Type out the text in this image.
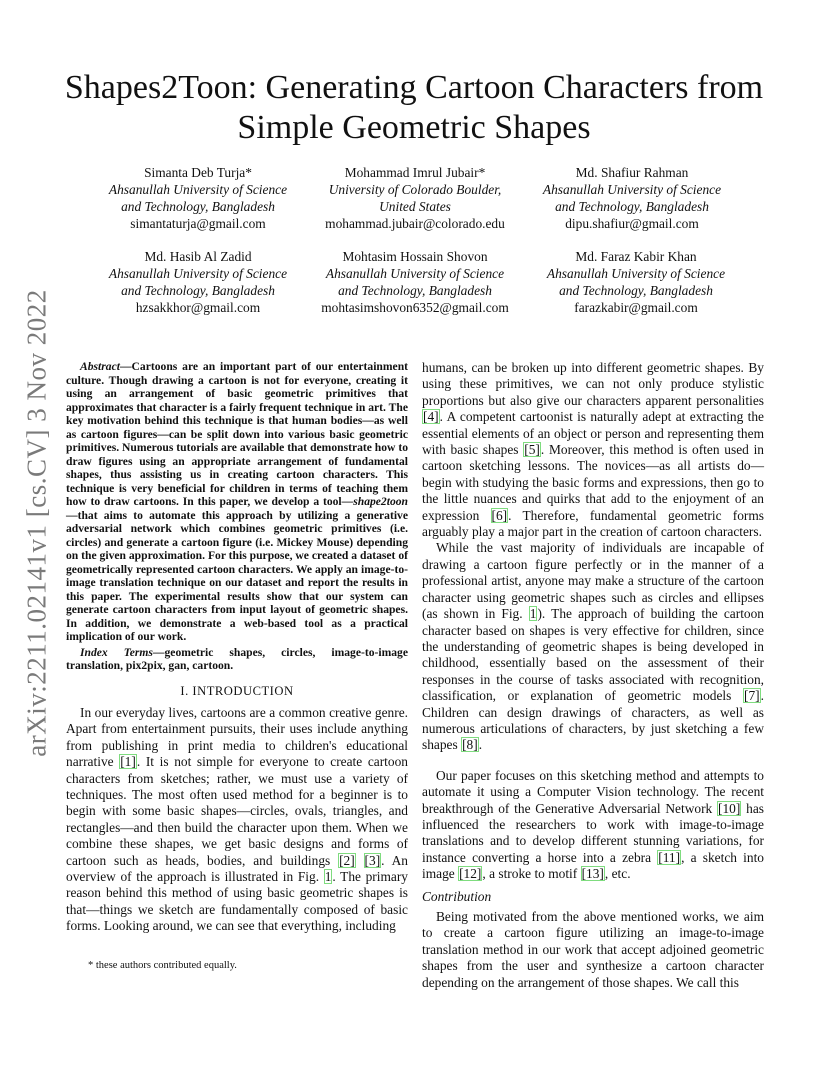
arXiv:2211.02141v1 [cs.CV] 3 Nov 2022
Shapes2Toon: Generating Cartoon Characters from Simple Geometric Shapes
Simanta Deb Turja*
Ahsanullah University of Science
and Technology, Bangladesh
simantaturja@gmail.com
Mohammad Imrul Jubair*
University of Colorado Boulder,
United States
mohammad.jubair@colorado.edu
Md. Shafiur Rahman
Ahsanullah University of Science
and Technology, Bangladesh
dipu.shafiur@gmail.com
Md. Hasib Al Zadid
Ahsanullah University of Science
and Technology, Bangladesh
hzsakkhor@gmail.com
Mohtasim Hossain Shovon
Ahsanullah University of Science
and Technology, Bangladesh
mohtasimshovon6352@gmail.com
Md. Faraz Kabir Khan
Ahsanullah University of Science
and Technology, Bangladesh
farazkabir@gmail.com

Abstract—Cartoons are an important part of our entertainment culture. Though drawing a cartoon is not for everyone, creating it using an arrangement of basic geometric primitives that approximates that character is a fairly frequent technique in art. The key motivation behind this technique is that human bodies—as well as cartoon figures—can be split down into various basic geometric primitives. Numerous tutorials are available that demonstrate how to draw figures using an appropriate arrangement of fundamental shapes, thus assisting us in creating cartoon characters. This technique is very beneficial for children in terms of teaching them how to draw cartoons. In this paper, we develop a tool—shape2toon—that aims to automate this approach by utilizing a generative adversarial network which combines geometric primitives (i.e. circles) and generate a cartoon figure (i.e. Mickey Mouse) depending on the given approximation. For this purpose, we created a dataset of geometrically represented cartoon characters. We apply an image-to-image translation technique on our dataset and report the results in this paper. The experimental results show that our system can generate cartoon characters from input layout of geometric shapes. In addition, we demonstrate a web-based tool as a practical implication of our work.

Index Terms—geometric shapes, circles, image-to-image translation, pix2pix, gan, cartoon.

I. INTRODUCTION

In our everyday lives, cartoons are a common creative genre. Apart from entertainment pursuits, their uses include anything from publishing in print media to children's educational narrative [1]. It is not simple for everyone to create cartoon characters from sketches; rather, we must use a variety of techniques. The most often used method for a beginner is to begin with some basic shapes—circles, ovals, triangles, and rectangles—and then build the character upon them. When we combine these shapes, we get basic designs and forms of cartoon such as heads, bodies, and buildings [2] [3]. An overview of the approach is illustrated in Fig. 1. The primary reason behind this method of using basic geometric shapes is that—things we sketch are fundamentally composed of basic forms. Looking around, we can see that everything, including

* these authors contributed equally.

humans, can be broken up into different geometric shapes. By using these primitives, we can not only produce stylistic proportions but also give our characters apparent personalities [4]. A competent cartoonist is naturally adept at extracting the essential elements of an object or person and representing them with basic shapes [5]. Moreover, this method is often used in cartoon sketching lessons. The novices—as all artists do—begin with studying the basic forms and expressions, then go to the little nuances and quirks that add to the enjoyment of an expression [6]. Therefore, fundamental geometric forms arguably play a major part in the creation of cartoon characters.

While the vast majority of individuals are incapable of drawing a cartoon figure perfectly or in the manner of a professional artist, anyone may make a structure of the cartoon character using geometric shapes such as circles and ellipses (as shown in Fig. 1). The approach of building the cartoon character based on shapes is very effective for children, since the understanding of geometric shapes is being developed in childhood, essentially based on the assessment of their responses in the course of tasks associated with recognition, classification, or explanation of geometric models [7]. Children can design drawings of characters, as well as numerous articulations of characters, by just sketching a few shapes [8].

Our paper focuses on this sketching method and attempts to automate it using a Computer Vision technology. The recent breakthrough of the Generative Adversarial Network [10] has influenced the researchers to work with image-to-image translations and to develop different stunning variations, for instance converting a horse into a zebra [11], a sketch into image [12], a stroke to motif [13], etc.

Contribution

Being motivated from the above mentioned works, we aim to create a cartoon figure utilizing an image-to-image translation method in our work that accept adjoined geometric shapes from the user and synthesize a cartoon character depending on the arrangement of those shapes. We call this
